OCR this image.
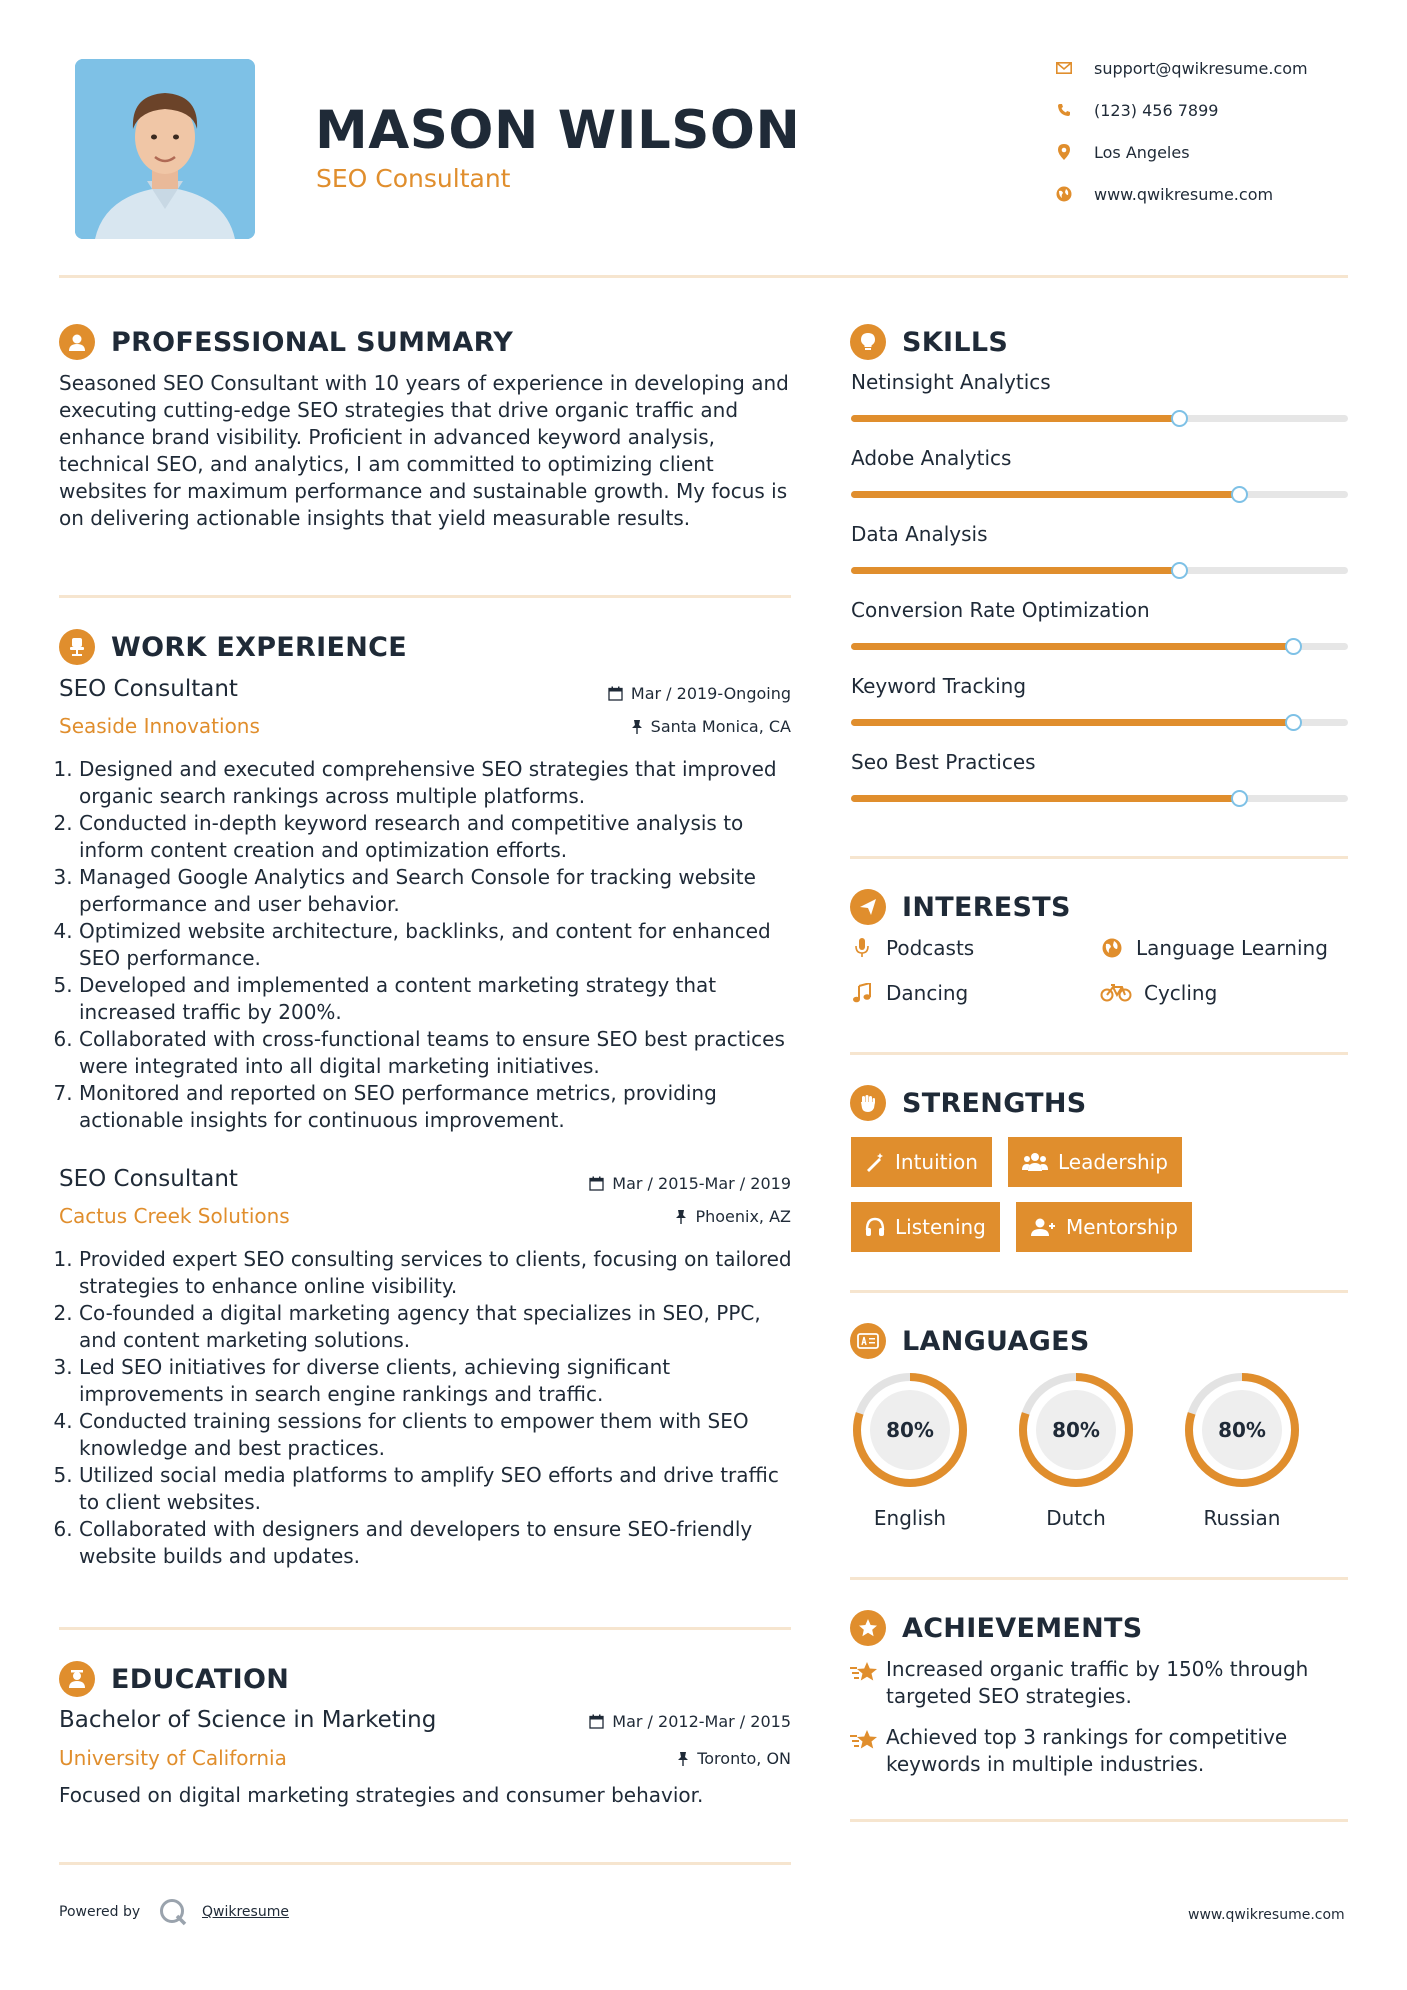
MASON WILSON
SEO Consultant
support@qwikresume.com
(123) 456 7899
Los Angeles
www.qwikresume.com
PROFESSIONAL SUMMARY
Seasoned SEO Consultant with 10 years of experience in developing and executing cutting-edge SEO strategies that drive organic traffic and enhance brand visibility. Proficient in advanced keyword analysis, technical SEO, and analytics, I am committed to optimizing client websites for maximum performance and sustainable growth. My focus is on delivering actionable insights that yield measurable results.
WORK EXPERIENCE
SEO Consultant	Mar / 2019-Ongoing
Seaside Innovations	Santa Monica, CA
1. Designed and executed comprehensive SEO strategies that improved organic search rankings across multiple platforms.
2. Conducted in-depth keyword research and competitive analysis to inform content creation and optimization efforts.
3. Managed Google Analytics and Search Console for tracking website performance and user behavior.
4. Optimized website architecture, backlinks, and content for enhanced SEO performance.
5. Developed and implemented a content marketing strategy that increased traffic by 200%.
6. Collaborated with cross-functional teams to ensure SEO best practices were integrated into all digital marketing initiatives.
7. Monitored and reported on SEO performance metrics, providing actionable insights for continuous improvement.
SEO Consultant	Mar / 2015-Mar / 2019
Cactus Creek Solutions	Phoenix, AZ
1. Provided expert SEO consulting services to clients, focusing on tailored strategies to enhance online visibility.
2. Co-founded a digital marketing agency that specializes in SEO, PPC, and content marketing solutions.
3. Led SEO initiatives for diverse clients, achieving significant improvements in search engine rankings and traffic.
4. Conducted training sessions for clients to empower them with SEO knowledge and best practices.
5. Utilized social media platforms to amplify SEO efforts and drive traffic to client websites.
6. Collaborated with designers and developers to ensure SEO-friendly website builds and updates.
EDUCATION
Bachelor of Science in Marketing	Mar / 2012-Mar / 2015
University of California	Toronto, ON
Focused on digital marketing strategies and consumer behavior.
SKILLS
Netinsight Analytics
Adobe Analytics
Data Analysis
Conversion Rate Optimization
Keyword Tracking
Seo Best Practices
INTERESTS
Podcasts	Language Learning
Dancing	Cycling
STRENGTHS
Intuition	Leadership
Listening	Mentorship
LANGUAGES
80%
English
80%
Dutch
80%
Russian
ACHIEVEMENTS
Increased organic traffic by 150% through targeted SEO strategies.
Achieved top 3 rankings for competitive keywords in multiple industries.
Powered by	Qwikresume	www.qwikresume.com
